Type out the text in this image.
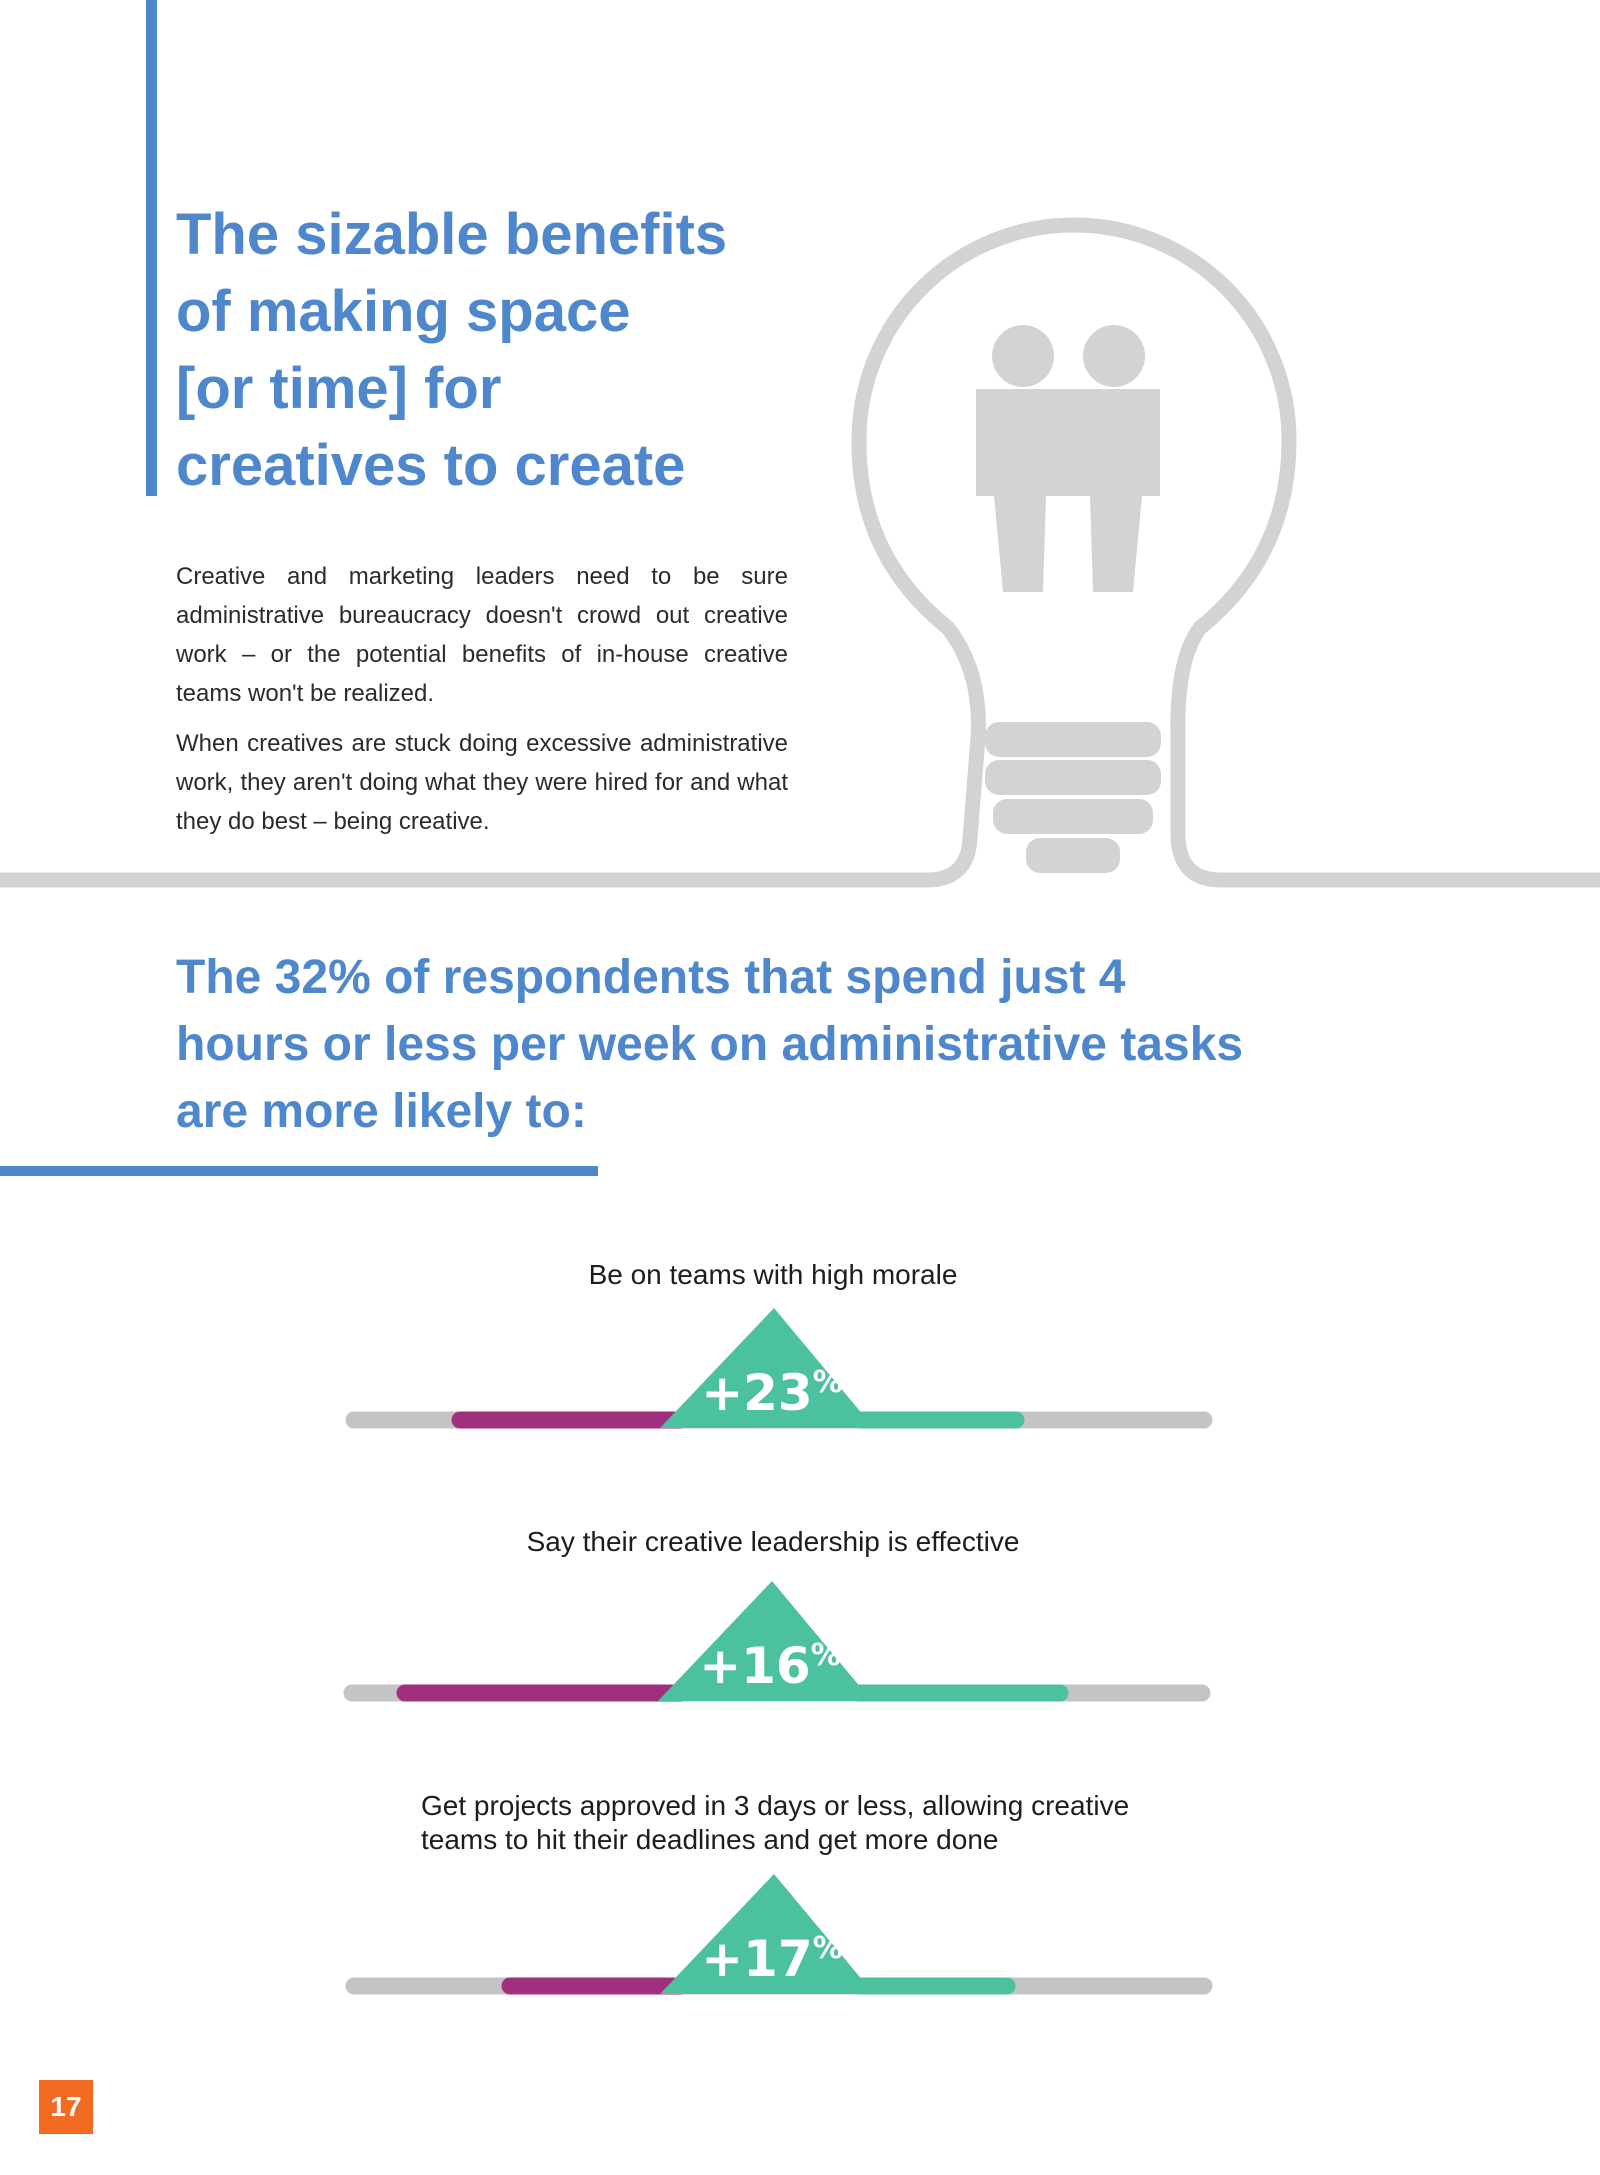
The sizable benefits
of making space
[or time] for
creatives to create

Creative and marketing leaders need to be sure administrative bureaucracy doesn't crowd out creative work – or the potential benefits of in-house creative teams won't be realized.

When creatives are stuck doing excessive administrative work, they aren't doing what they were hired for and what they do best – being creative.

The 32% of respondents that spend just 4
hours or less per week on administrative tasks
are more likely to:
Be on teams with high morale
+23%
Say their creative leadership is effective
+16%
Get projects approved in 3 days or less, allowing creative
teams to hit their deadlines and get more done
+17%
17
